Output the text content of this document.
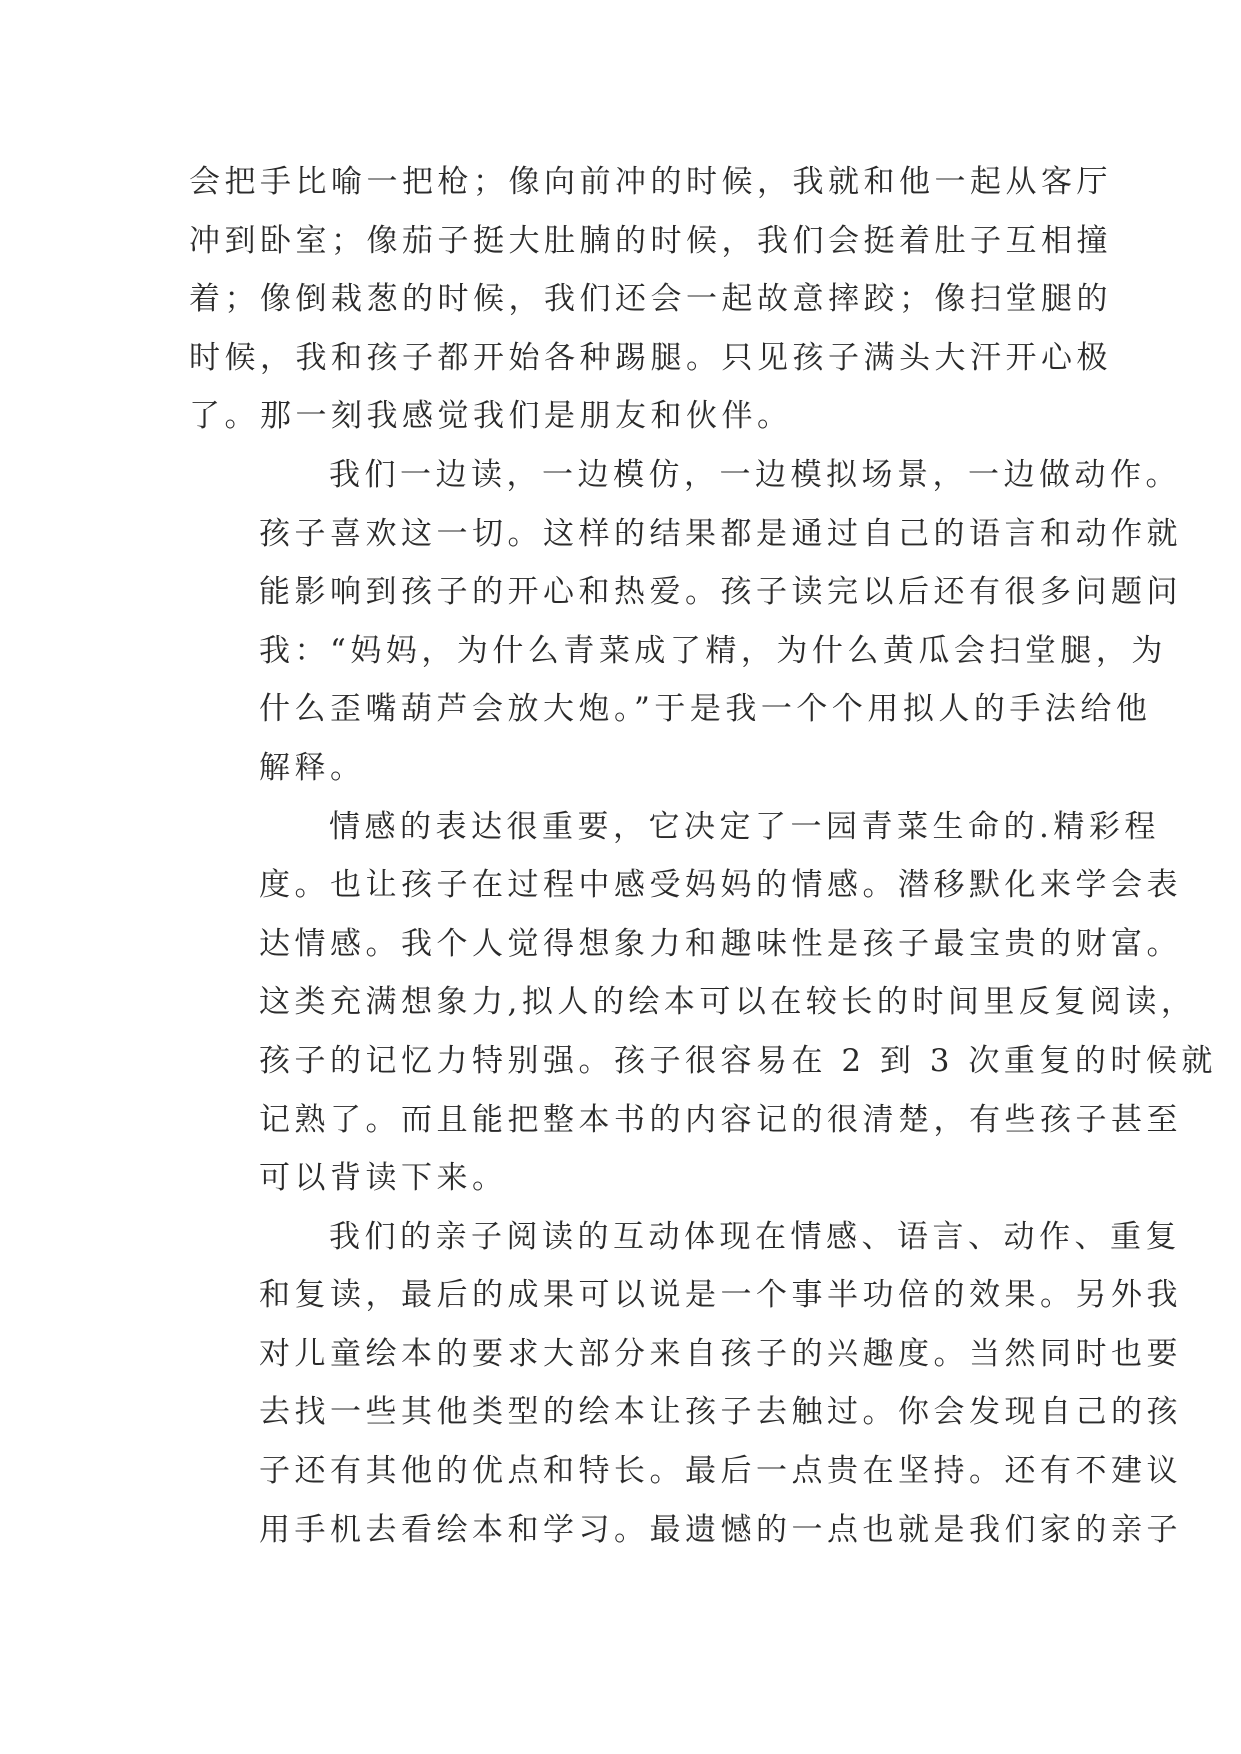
会把手比喻一把枪；像向前冲的时候，我就和他一起从客厅
冲到卧室；像茄子挺大肚腩的时候，我们会挺着肚子互相撞
着；像倒栽葱的时候，我们还会一起故意摔跤；像扫堂腿的
时候，我和孩子都开始各种踢腿。只见孩子满头大汗开心极
了。那一刻我感觉我们是朋友和伙伴。
我们一边读，一边模仿，一边模拟场景，一边做动作。
孩子喜欢这一切。这样的结果都是通过自己的语言和动作就
能影响到孩子的开心和热爱。孩子读完以后还有很多问题问
我：“妈妈，为什么青菜成了精，为什么黄瓜会扫堂腿，为
什么歪嘴葫芦会放大炮。”于是我一个个用拟人的手法给他
解释。
情感的表达很重要，它决定了一园青菜生命的.精彩程
度。也让孩子在过程中感受妈妈的情感。潜移默化来学会表
达情感。我个人觉得想象力和趣味性是孩子最宝贵的财富。
这类充满想象力,拟人的绘本可以在较长的时间里反复阅读，
孩子的记忆力特别强。孩子很容易在 2 到 3 次重复的时候就
记熟了。而且能把整本书的内容记的很清楚，有些孩子甚至
可以背读下来。
我们的亲子阅读的互动体现在情感、语言、动作、重复
和复读，最后的成果可以说是一个事半功倍的效果。另外我
对儿童绘本的要求大部分来自孩子的兴趣度。当然同时也要
去找一些其他类型的绘本让孩子去触过。你会发现自己的孩
子还有其他的优点和特长。最后一点贵在坚持。还有不建议
用手机去看绘本和学习。最遗憾的一点也就是我们家的亲子
